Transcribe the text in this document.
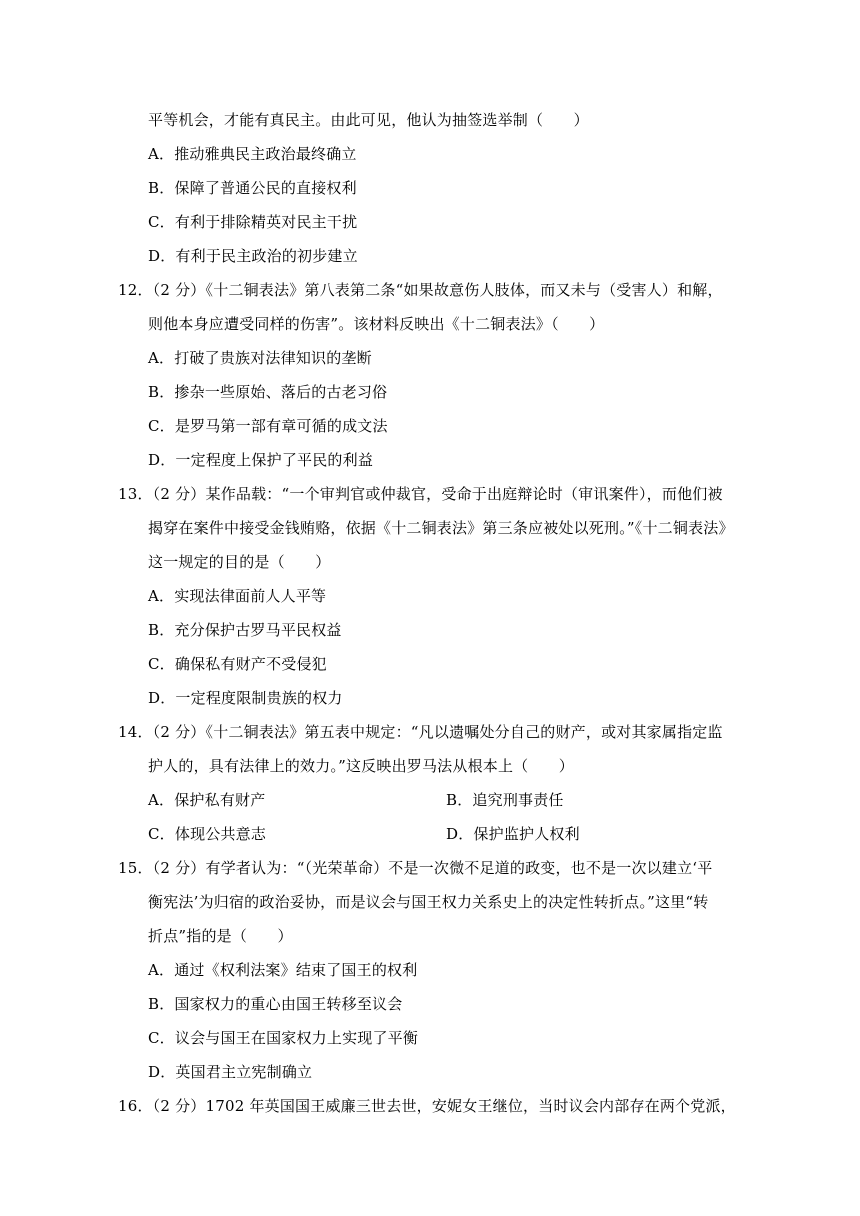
平等机会，才能有真民主。由此可见，他认为抽签选举制（　　）
A．推动雅典民主政治最终确立
B．保障了普通公民的直接权利
C．有利于排除精英对民主干扰
D．有利于民主政治的初步建立
12．（2 分）《十二铜表法》第八表第二条“如果故意伤人肢体，而又未与（受害人）和解，
则他本身应遭受同样的伤害”。该材料反映出《十二铜表法》（　　）
A．打破了贵族对法律知识的垄断
B．掺杂一些原始、落后的古老习俗
C．是罗马第一部有章可循的成文法
D．一定程度上保护了平民的利益
13．（2 分）某作品载：“一个审判官或仲裁官，受命于出庭辩论时（审讯案件），而他们被
揭穿在案件中接受金钱贿赂，依据《十二铜表法》第三条应被处以死刑。”《十二铜表法》
这一规定的目的是（　　）
A．实现法律面前人人平等
B．充分保护古罗马平民权益
C．确保私有财产不受侵犯
D．一定程度限制贵族的权力
14．（2 分）《十二铜表法》第五表中规定：“凡以遗嘱处分自己的财产，或对其家属指定监
护人的，具有法律上的效力。”这反映出罗马法从根本上（　　）
A．保护私有财产	B．追究刑事责任
C．体现公共意志	D．保护监护人权利
15．（2 分）有学者认为：“（光荣革命）不是一次微不足道的政变，也不是一次以建立‘平
衡宪法’为归宿的政治妥协，而是议会与国王权力关系史上的决定性转折点。”这里“转
折点”指的是（　　）
A．通过《权利法案》结束了国王的权利
B．国家权力的重心由国王转移至议会
C．议会与国王在国家权力上实现了平衡
D．英国君主立宪制确立
16．（2 分）1702 年英国国王威廉三世去世，安妮女王继位，当时议会内部存在两个党派，
